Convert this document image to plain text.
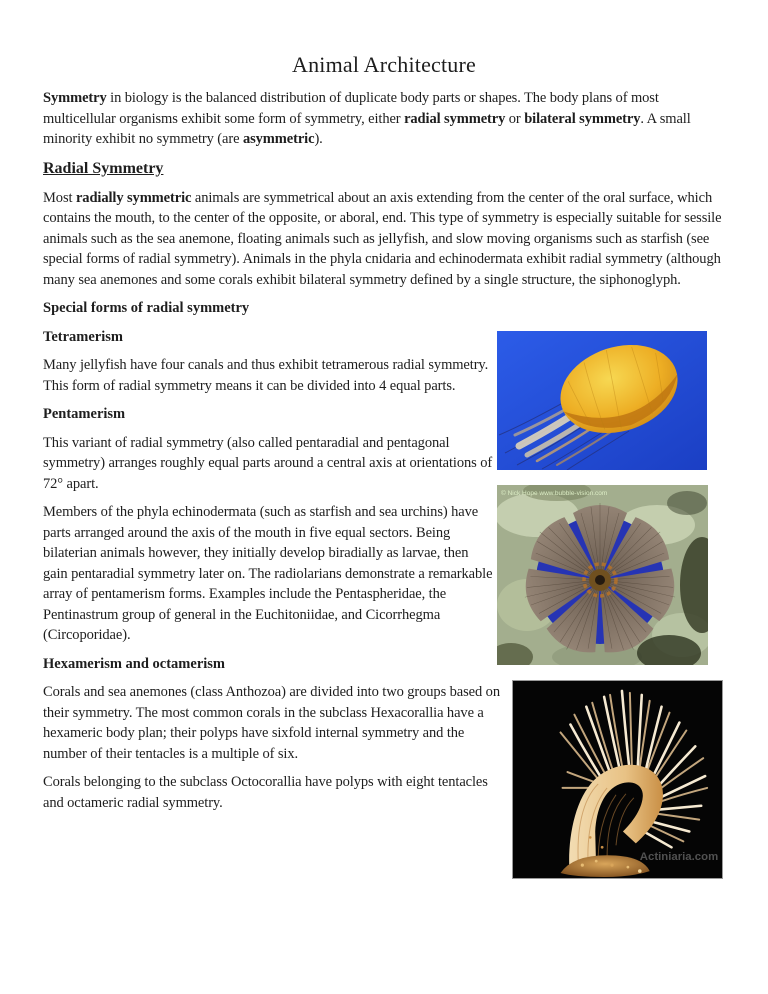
Animal Architecture

Symmetry in biology is the balanced distribution of duplicate body parts or shapes. The body plans of most multicellular organisms exhibit some form of symmetry, either radial symmetry or bilateral symmetry. A small minority exhibit no symmetry (are asymmetric).

Radial Symmetry

Most radially symmetric animals are symmetrical about an axis extending from the center of the oral surface, which contains the mouth, to the center of the opposite, or aboral, end. This type of symmetry is especially suitable for sessile animals such as the sea anemone, floating animals such as jellyfish, and slow moving organisms such as starfish (see special forms of radial symmetry). Animals in the phyla cnidaria and echinodermata exhibit radial symmetry (although many sea anemones and some corals exhibit bilateral symmetry defined by a single structure, the siphonoglyph.

Special forms of radial symmetry
Tetramerism

Many jellyfish have four canals and thus exhibit tetramerous radial symmetry. This form of radial symmetry means it can be divided into 4 equal parts.

Pentamerism

This variant of radial symmetry (also called pentaradial and pentagonal symmetry) arranges roughly equal parts around a central axis at orientations of 72° apart.

Members of the phyla echinodermata (such as starfish and sea urchins) have parts arranged around the axis of the mouth in five equal sectors. Being bilaterian animals however, they initially develop biradially as larvae, then gain pentaradial symmetry later on. The radiolarians demonstrate a remarkable array of pentamerism forms. Examples include the Pentaspheridae, the Pentinastrum group of general in the Euchitoniidae, and Cicorrhegma (Circoporidae).

Hexamerism and octamerism

Corals and sea anemones (class Anthozoa) are divided into two groups based on their symmetry. The most common corals in the subclass Hexacorallia have a hexameric body plan; their polyps have sixfold internal symmetry and the number of their tentacles is a multiple of six.

Corals belonging to the subclass Octocorallia have polyps with eight tentacles and octameric radial symmetry.

© Nick Hope www.bubble-vision.com
Actiniaria.com
